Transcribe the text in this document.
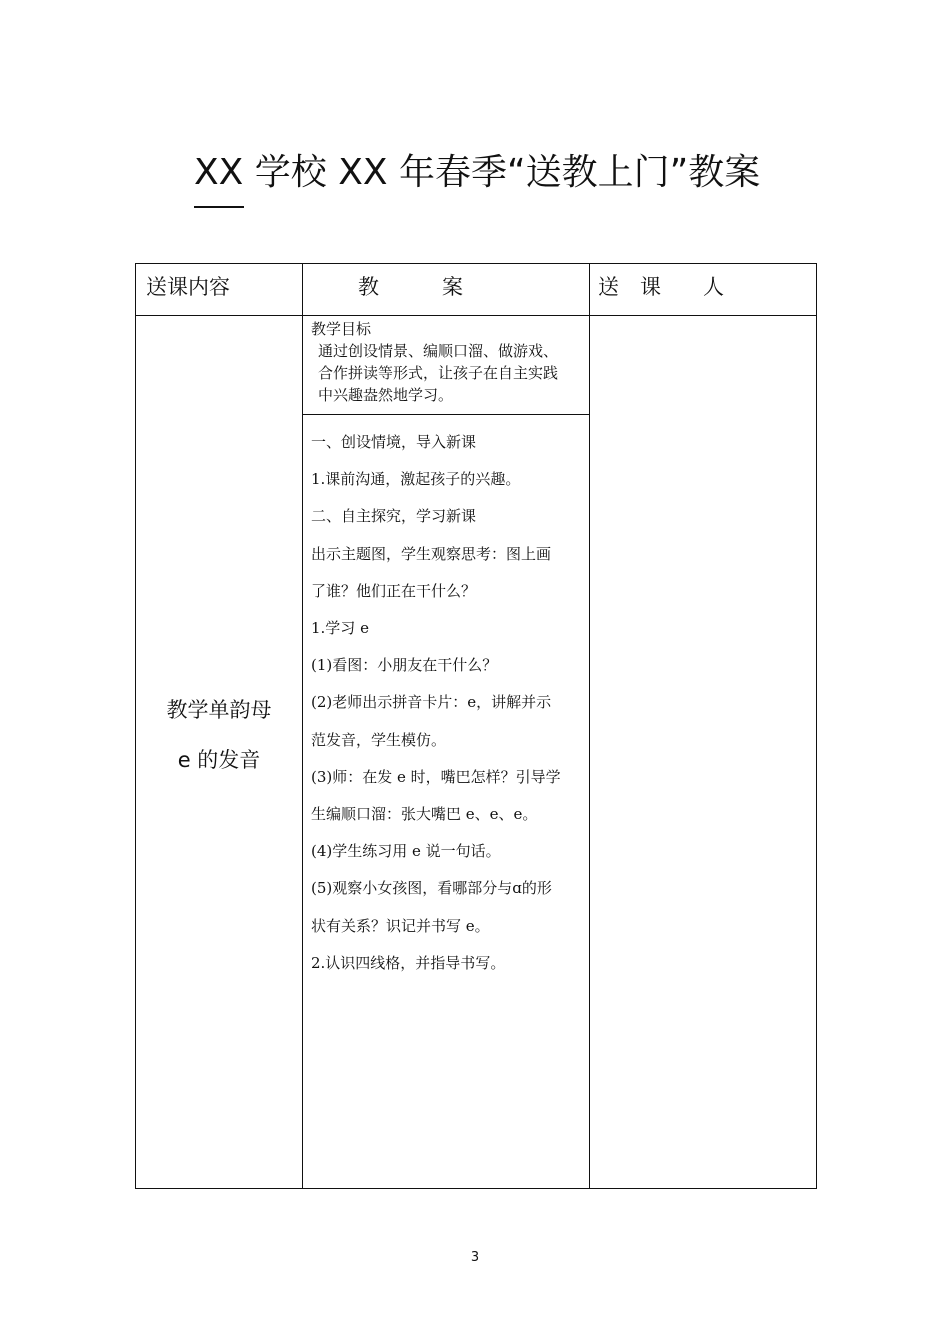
XX 学校 XX 年春季“送教上门”教案
送课内容	教　　　案	送　课　　人
教学单韵母
e 的发音
教学目标
通过创设情景、编顺口溜、做游戏、
合作拼读等形式，让孩子在自主实践
中兴趣盎然地学习。
一、创设情境，导入新课
1.课前沟通，激起孩子的兴趣。
二、自主探究，学习新课
出示主题图，学生观察思考：图上画
了谁？他们正在干什么？
1.学习 e
(1)看图：小朋友在干什么？
(2)老师出示拼音卡片：e，讲解并示
范发音，学生模仿。
(3)师：在发 e 时，嘴巴怎样？引导学
生编顺口溜：张大嘴巴 e、e、e。
(4)学生练习用 e 说一句话。
(5)观察小女孩图，看哪部分与ɑ的形
状有关系？识记并书写 e。
2.认识四线格，并指导书写。
3
